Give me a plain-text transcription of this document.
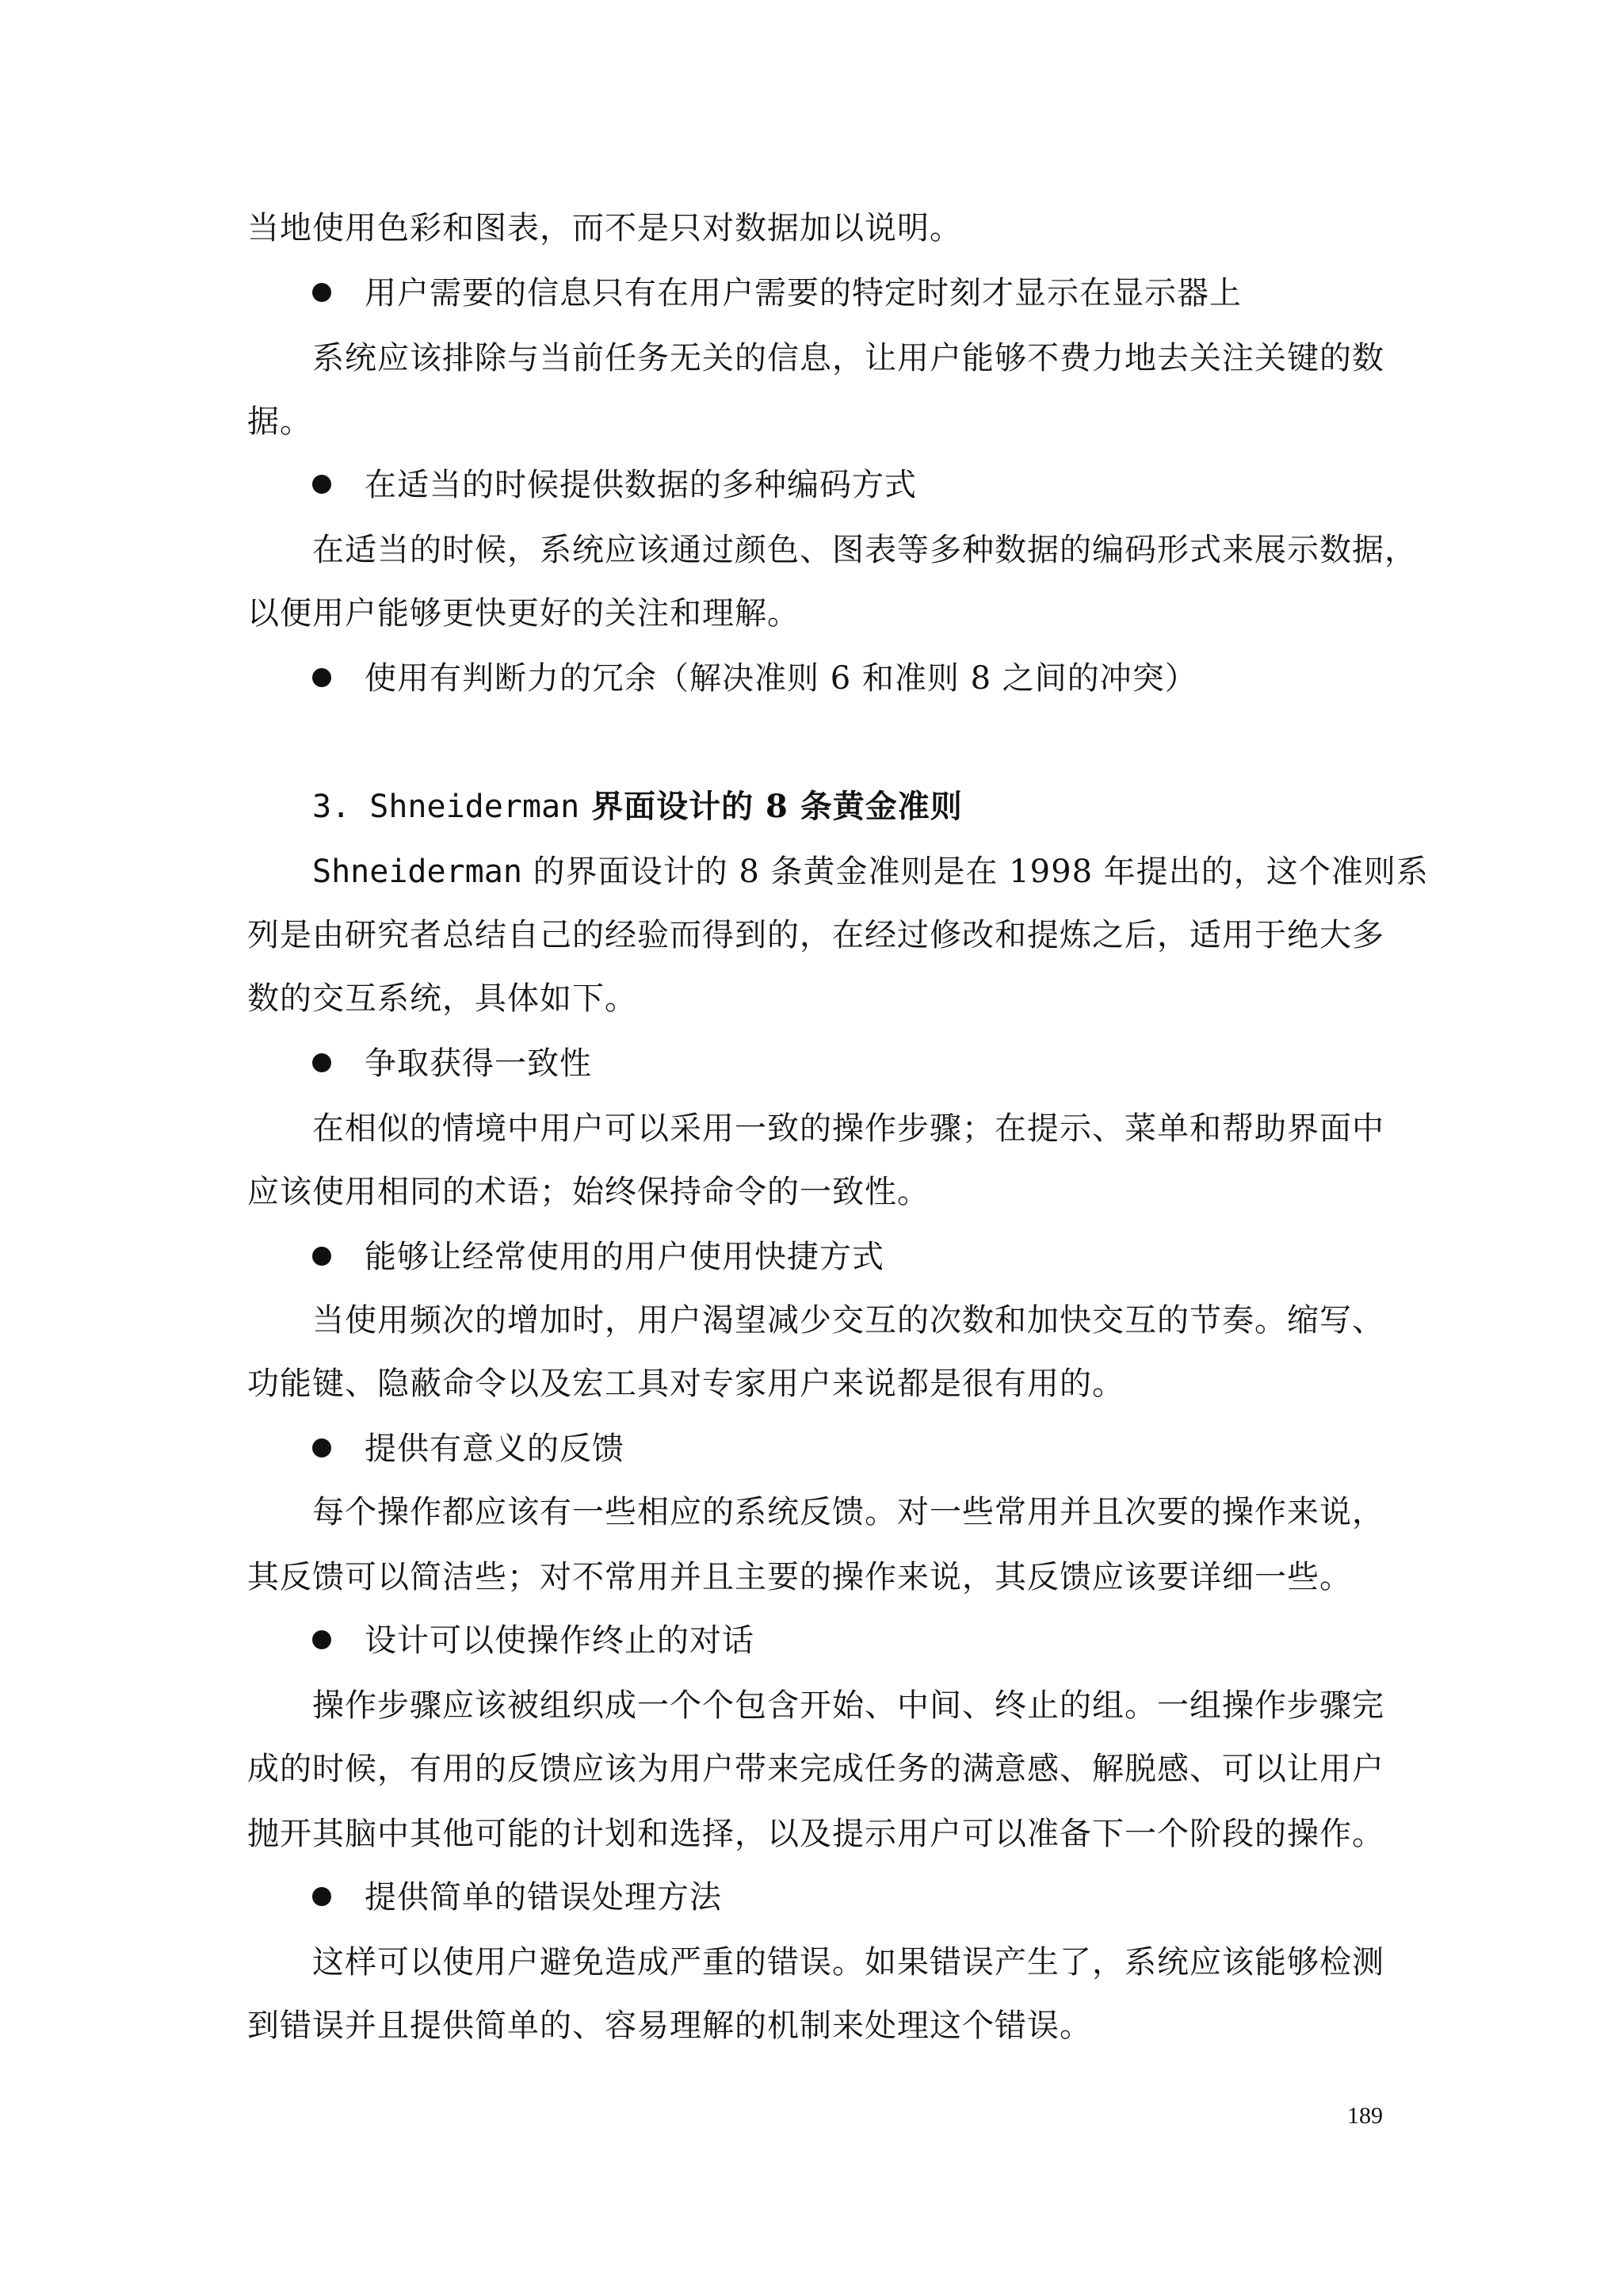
当地使用色彩和图表，而不是只对数据加以说明。
用户需要的信息只有在用户需要的特定时刻才显示在显示器上
系统应该排除与当前任务无关的信息，让用户能够不费力地去关注关键的数
据。
在适当的时候提供数据的多种编码方式
在适当的时候，系统应该通过颜色、图表等多种数据的编码形式来展示数据，
以便用户能够更快更好的关注和理解。
使用有判断力的冗余（解决准则 6 和准则 8 之间的冲突）
3. Shneiderman 界面设计的 8 条黄金准则
Shneiderman 的界面设计的 8 条黄金准则是在 1998 年提出的，这个准则系
列是由研究者总结自己的经验而得到的，在经过修改和提炼之后，适用于绝大多
数的交互系统，具体如下。
争取获得一致性
在相似的情境中用户可以采用一致的操作步骤；在提示、菜单和帮助界面中
应该使用相同的术语；始终保持命令的一致性。
能够让经常使用的用户使用快捷方式
当使用频次的增加时，用户渴望减少交互的次数和加快交互的节奏。缩写、
功能键、隐蔽命令以及宏工具对专家用户来说都是很有用的。
提供有意义的反馈
每个操作都应该有一些相应的系统反馈。对一些常用并且次要的操作来说，
其反馈可以简洁些；对不常用并且主要的操作来说，其反馈应该要详细一些。
设计可以使操作终止的对话
操作步骤应该被组织成一个个包含开始、中间、终止的组。一组操作步骤完
成的时候，有用的反馈应该为用户带来完成任务的满意感、解脱感、可以让用户
抛开其脑中其他可能的计划和选择，以及提示用户可以准备下一个阶段的操作。
提供简单的错误处理方法
这样可以使用户避免造成严重的错误。如果错误产生了，系统应该能够检测
到错误并且提供简单的、容易理解的机制来处理这个错误。
189
